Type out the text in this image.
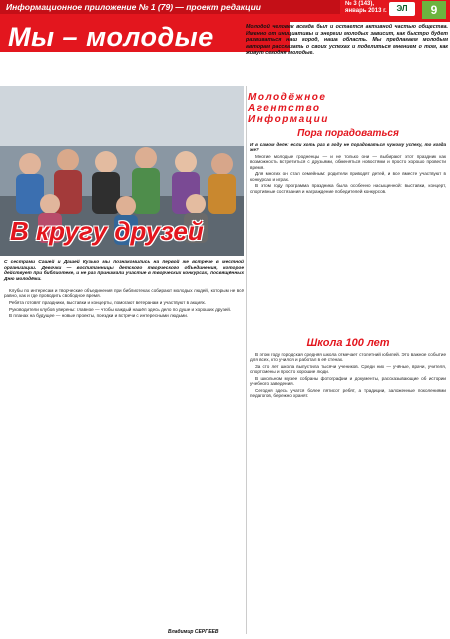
Информационное приложение № 1 (79) — проект редакции	№ 3 (143),
январь 2013 г.	ЭЛ	9
Мы – молодые	Молодой человек всегда был и остается активной частью общества. Именно от инициативы и энергии молодых зависит, как быстро будет развиваться наш город, наша область. Мы предлагаем молодым авторам рассказать о своих успехах и поделиться мнением о том, как живут сегодня молодые.
Молодёжное
Агентство
Информации
В кругу друзей
Пора порадоваться

И в самом деле: если хоть раз в году не порадоваться чужому успеху, то когда же?

Многие молодые гродненцы — и не только они — выбирают этот праздник как возможность встретиться с друзьями, обменяться новостями и просто хорошо провести время.

Для многих он стал семейным: родители приводят детей, и все вместе участвуют в конкурсах и играх.

В этом году программа праздника была особенно насыщенной: выставки, концерт, спортивные состязания и награждение победителей конкурсов.

Школа 100 лет

В этом году городская средняя школа отмечает столетний юбилей. Это важное событие для всех, кто учился и работал в её стенах.

За сто лет школа выпустила тысячи учеников. Среди них — учёные, врачи, учителя, спортсмены и просто хорошие люди.

В школьном музее собраны фотографии и документы, рассказывающие об истории учебного заведения.

Сегодня здесь учатся более пятисот ребят, а традиции, заложенные поколениями педагогов, бережно хранят.

С сестрами Сашей и Дашей Кузько мы познакомились на первой же встрече в местной организации. Девочки — воспитанницы детского творческого объединения, которое действует при библиотеке, и не раз принимали участие в творческих конкурсах, посвящённых Дню молодёжи.

Клубы по интересам и творческие объединения при библиотеках собирают молодых людей, которым не всё равно, как и где проводить свободное время.

Ребята готовят праздники, выставки и концерты, помогают ветеранам и участвуют в акциях.

Руководители клубов уверены: главное — чтобы каждый нашёл здесь дело по душе и хороших друзей.

В планах на будущее — новые проекты, поездки и встречи с интересными людьми.

Владимир СЕРГЕЕВ
